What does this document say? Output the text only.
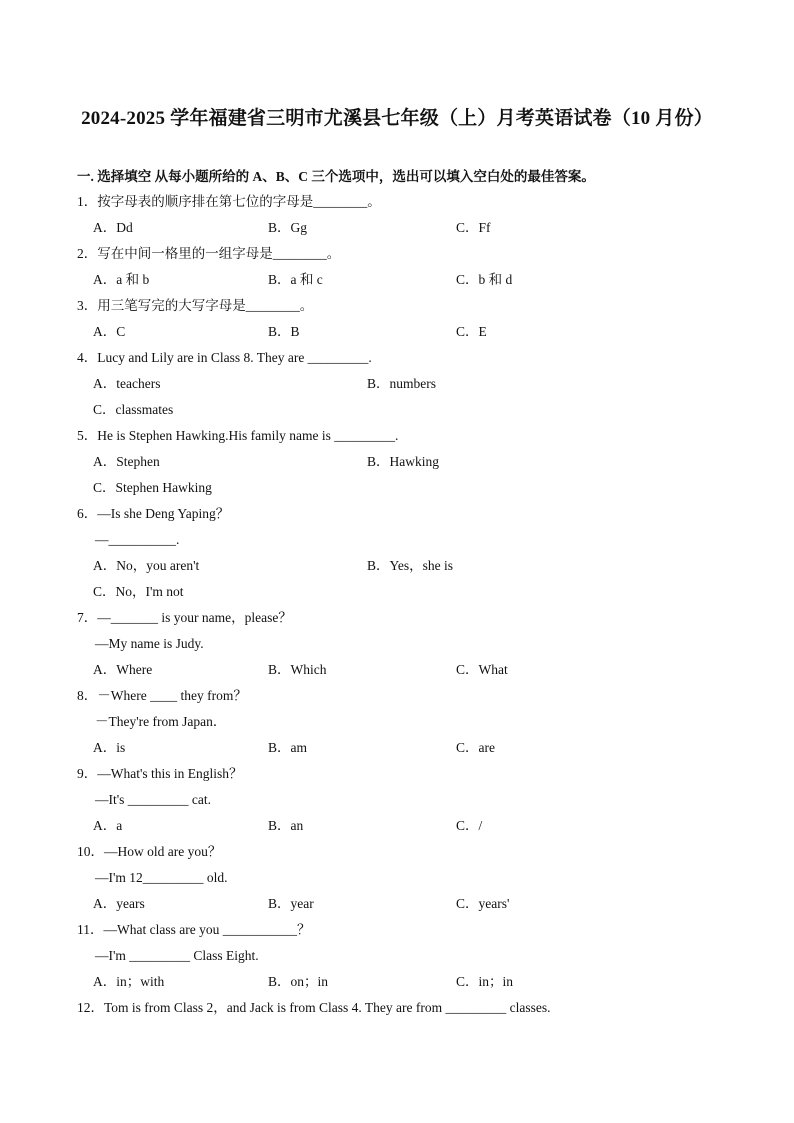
2024-2025 学年福建省三明市尤溪县七年级（上）月考英语试卷（10 月份）
一. 选择填空 从每小题所给的 A、B、C 三个选项中，选出可以填入空白处的最佳答案。
1．按字母表的顺序排在第七位的字母是________。
A．Dd	B．Gg	C．Ff
2．写在中间一格里的一组字母是________。
A．a 和 b	B．a 和 c	C．b 和 d
3．用三笔写完的大写字母是________。
A．C	B．B	C．E
4．Lucy and Lily are in Class 8. They are _________.
A．teachers	B．numbers
C．classmates
5．He is Stephen Hawking.His family name is _________.
A．Stephen	B．Hawking
C．Stephen Hawking
6．—Is she Deng Yaping？
—__________.
A．No，you aren't	B．Yes，she is
C．No，I'm not
7．—_______ is your name，please？
—My name is Judy.
A．Where	B．Which	C．What
8．－Where ____ they from？
－They're from Japan．
A．is	B．am	C．are
9．—What's this in English？
—It's _________ cat.
A．a	B．an	C．/
10．—How old are you？
—I'm 12_________ old.
A．years	B．year	C．years'
11．—What class are you ___________？
—I'm _________ Class Eight.
A．in；with	B．on；in	C．in；in
12．Tom is from Class 2，and Jack is from Class 4. They are from _________ classes.
